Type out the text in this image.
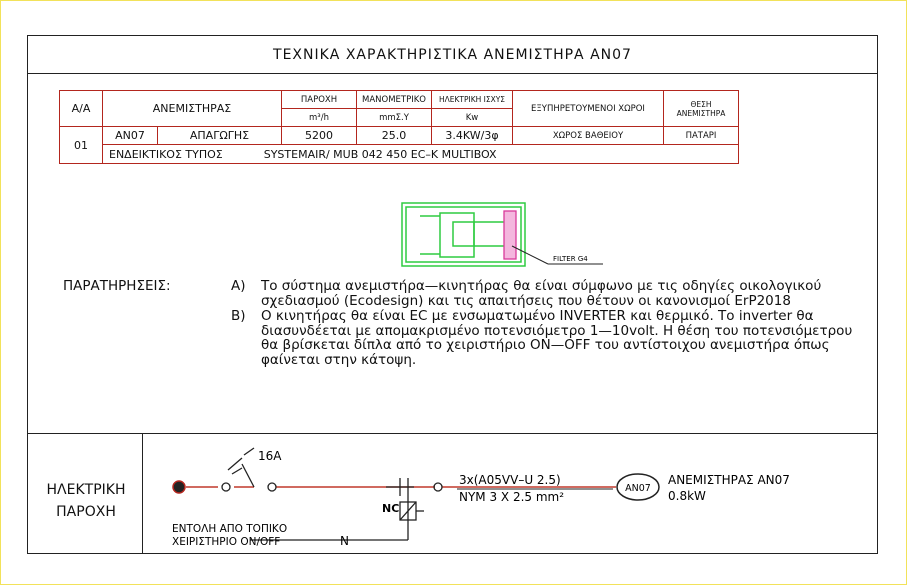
ΤΕΧΝΙΚΑ ΧΑΡΑΚΤΗΡΙΣΤΙΚΑ ΑΝΕΜΙΣΤΗΡΑ ΑΝ07
Α/Α	ΑΝΕΜΙΣΤΗΡΑΣ		ΠΑΡΟΧΗ	ΜΑΝΟΜΕΤΡΙΚΟ	ΗΛΕΚΤΡΙΚΗ ΙΣΧΥΣ	ΕΞΥΠΗΡΕΤΟΥΜΕΝΟΙ ΧΩΡΟΙ	ΘΕΣΗ ΑΝΕΜΙΣΤΗΡΑ
			m³/h	mmΣ.Υ	Kw		
01	ΑΝ07	ΑΠΑΓΩΓΗΣ	5200	25.0	3.4KW/3φ	ΧΩΡΟΣ ΒΑΘΕΙΟΥ	ΠΑΤΑΡΙ
	ΕΝΔΕΙΚΤΙΚΟΣ ΤΥΠΟΣ SYSTEMAIR/ MUB 042 450 EC–K MULTIBOX						
FILTER G4
ΠΑΡΑΤΗΡΗΣΕΙΣ:	Α) Το σύστημα ανεμιστήρα—κινητήρας θα είναι σύμφωνο με τις οδηγίες οικολογικού σχεδιασμού (Ecodesign) και τις απαιτήσεις που θέτουν οι κανονισμοί ErP2018
Β) Ο κινητήρας θα είναι EC με ενσωματωμένο INVERTER και θερμικό. Το inverter θα διασυνδέεται με απομακρισμένο ποτενσιόμετρο 1—10volt. Η θέση του ποτενσιόμετρου θα βρίσκεται δίπλα από το χειριστήριο ON—OFF του αντίστοιχου ανεμιστήρα όπως φαίνεται στην κάτοψη.
ΗΛΕΚΤΡΙΚΗ
ΠΑΡΟΧΗ
16A
NC
3x(A05VV–U 2.5)
NYM 3 X 2.5 mm²
AN07
ΑΝΕΜΙΣΤΗΡΑΣ ΑΝ07
0.8kW
ΕΝΤΟΛΗ ΑΠΟ ΤΟΠΙΚΟ
ΧΕΙΡΙΣΤΗΡΙΟ ON/OFF	N
